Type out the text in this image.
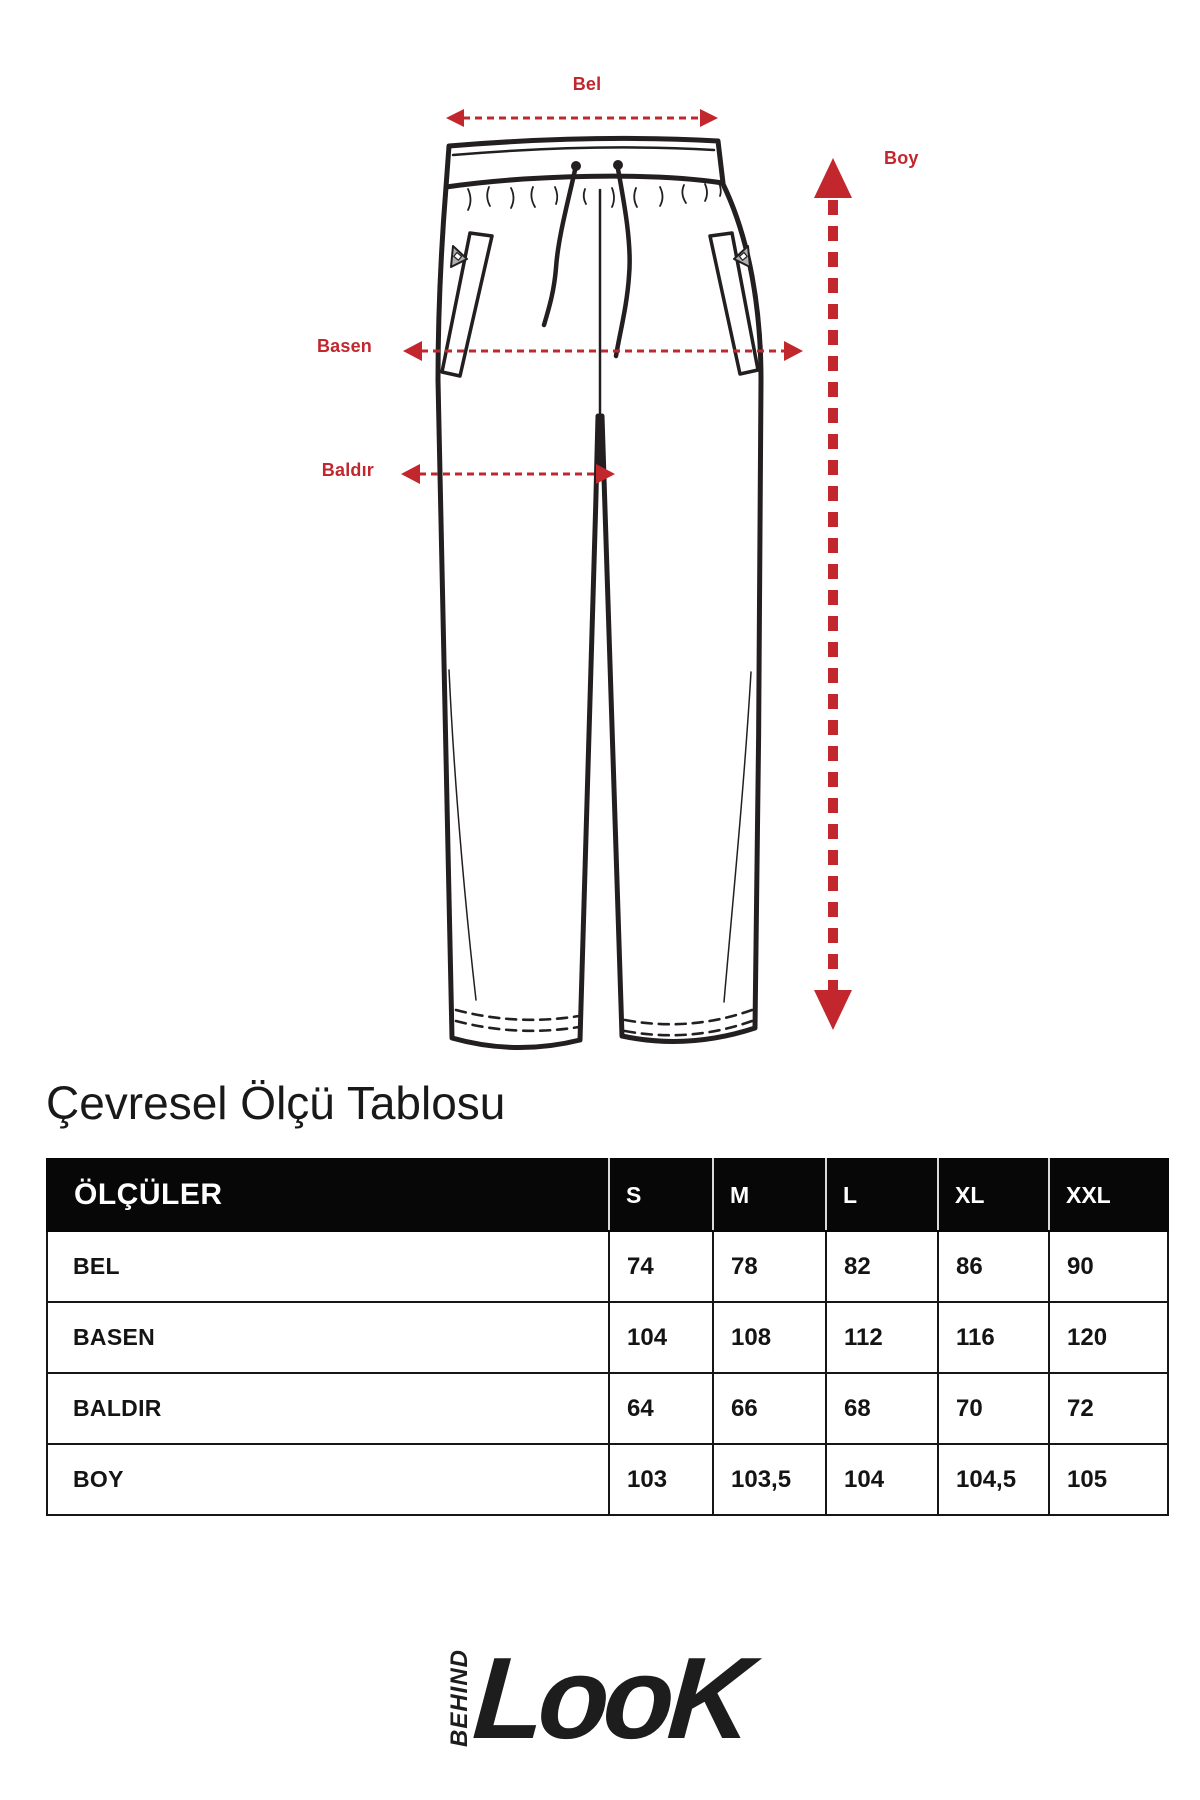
Bel
Basen
Baldır
Boy
Çevresel Ölçü Tablosu
ÖLÇÜLER	S	M	L	XL	XXL
BEL	74	78	82	86	90
BASEN	104	108	112	116	120
BALDIR	64	66	68	70	72
BOY	103	103,5	104	104,5	105
BEHIND
LooK
